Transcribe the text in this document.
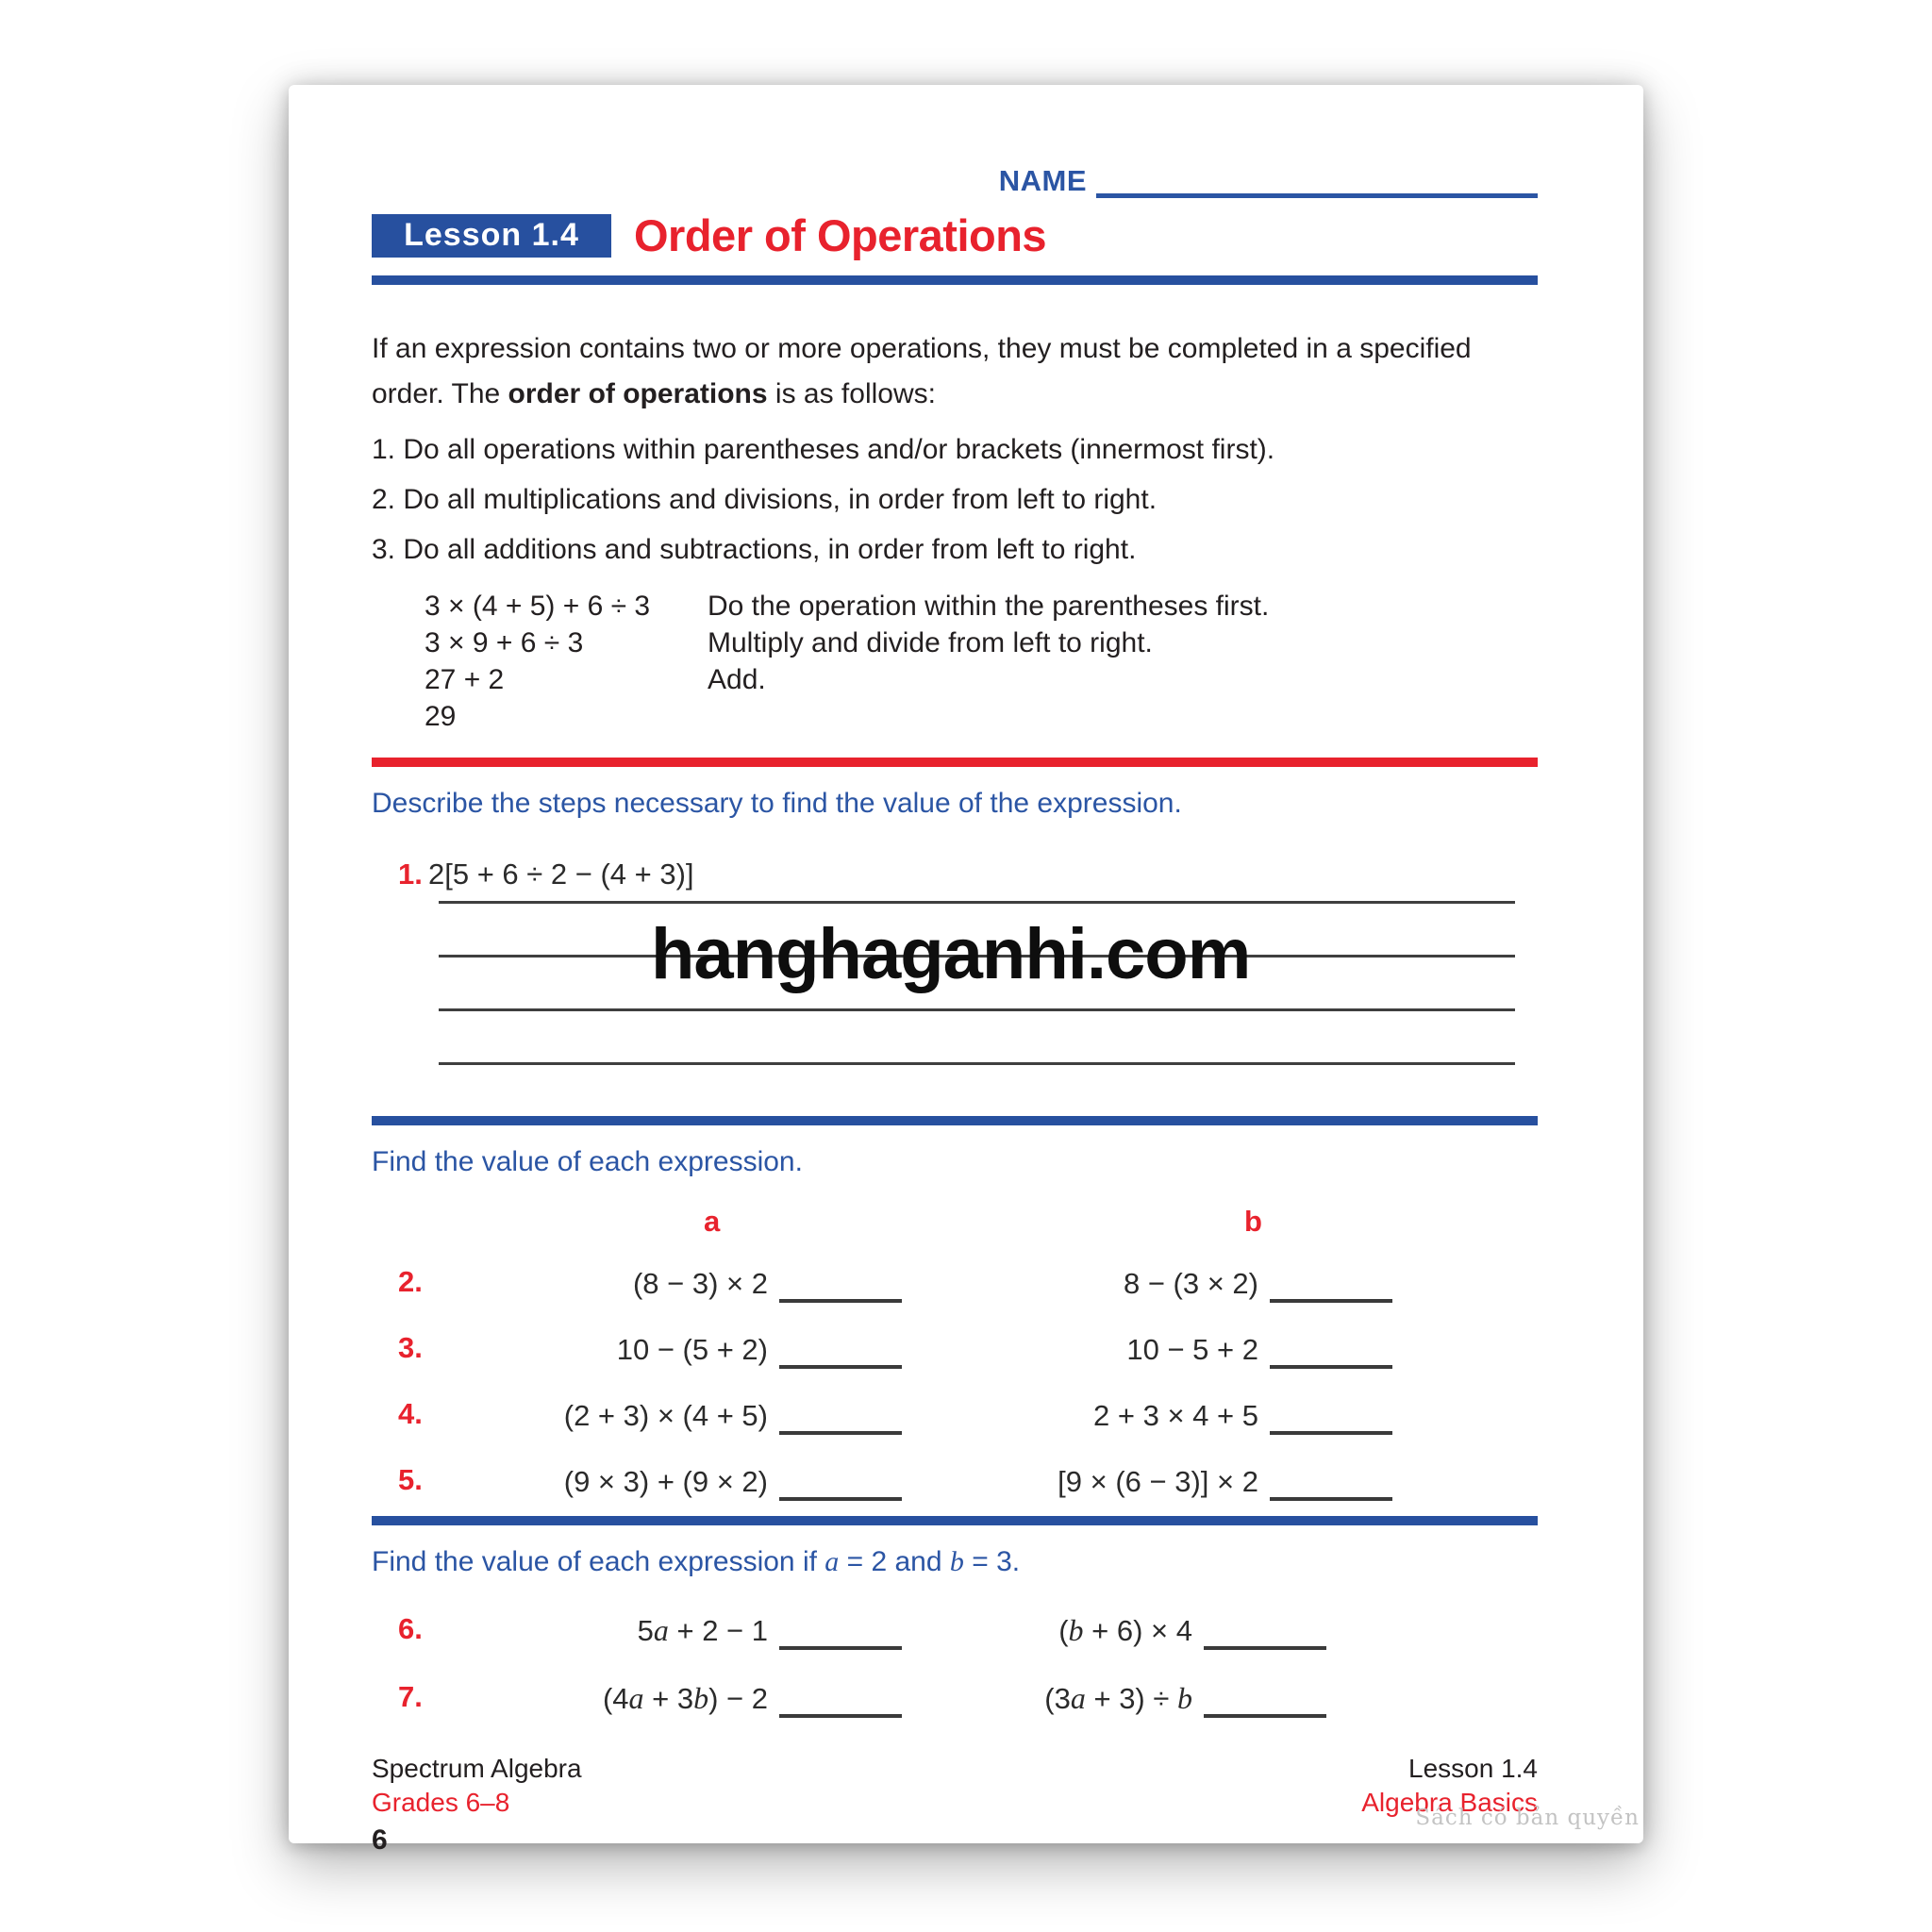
NAME
Lesson 1.4	Order of Operations
If an expression contains two or more operations, they must be completed in a specified order. The order of operations is as follows:
1. Do all operations within parentheses and/or brackets (innermost first).
2. Do all multiplications and divisions, in order from left to right.
3. Do all additions and subtractions, in order from left to right.
3 × (4 + 5) + 6 ÷ 3	Do the operation within the parentheses first.
3 × 9 + 6 ÷ 3	Multiply and divide from left to right.
27 + 2	Add.
29
Describe the steps necessary to find the value of the expression.
1. 2[5 + 6 ÷ 2 − (4 + 3)]
hanghaganhi.com
Find the value of each expression.
a	b
2.	(8 − 3) × 2	8 − (3 × 2)
3.	10 − (5 + 2)	10 − 5 + 2
4.	(2 + 3) × (4 + 5)	2 + 3 × 4 + 5
5.	(9 × 3) + (9 × 2)	[9 × (6 − 3)] × 2
Find the value of each expression if a = 2 and b = 3.
6.	5a + 2 − 1	(b + 6) × 4
7.	(4a + 3b) − 2	(3a + 3) ÷ b
Spectrum Algebra
Grades 6–8
6
Lesson 1.4
Algebra Basics
Sách có bản quyền
